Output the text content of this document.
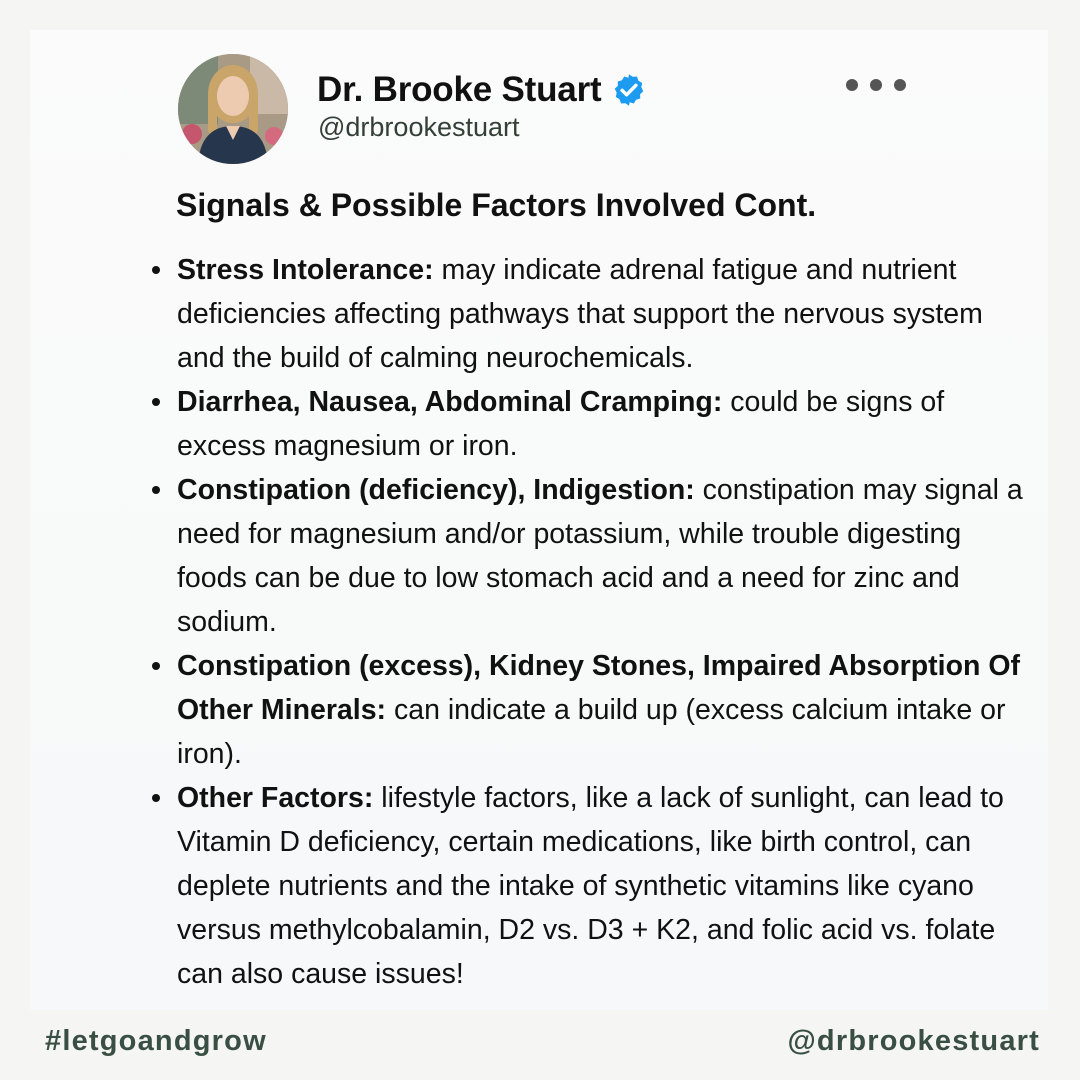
Dr. Brooke Stuart
@drbrookestuart
Signals & Possible Factors Involved Cont.
Stress Intolerance: may indicate adrenal fatigue and nutrient deficiencies affecting pathways that support the nervous system and the build of calming neurochemicals.
Diarrhea, Nausea, Abdominal Cramping: could be signs of excess magnesium or iron.
Constipation (deficiency), Indigestion: constipation may signal a need for magnesium and/or potassium, while trouble digesting foods can be due to low stomach acid and a need for zinc and sodium.
Constipation (excess), Kidney Stones, Impaired Absorption Of Other Minerals: can indicate a build up (excess calcium intake or iron).
Other Factors: lifestyle factors, like a lack of sunlight, can lead to Vitamin D deficiency, certain medications, like birth control, can deplete nutrients and the intake of synthetic vitamins like cyano versus methylcobalamin, D2 vs. D3 + K2, and folic acid vs. folate can also cause issues!
#letgoandgrow	@drbrookestuart
